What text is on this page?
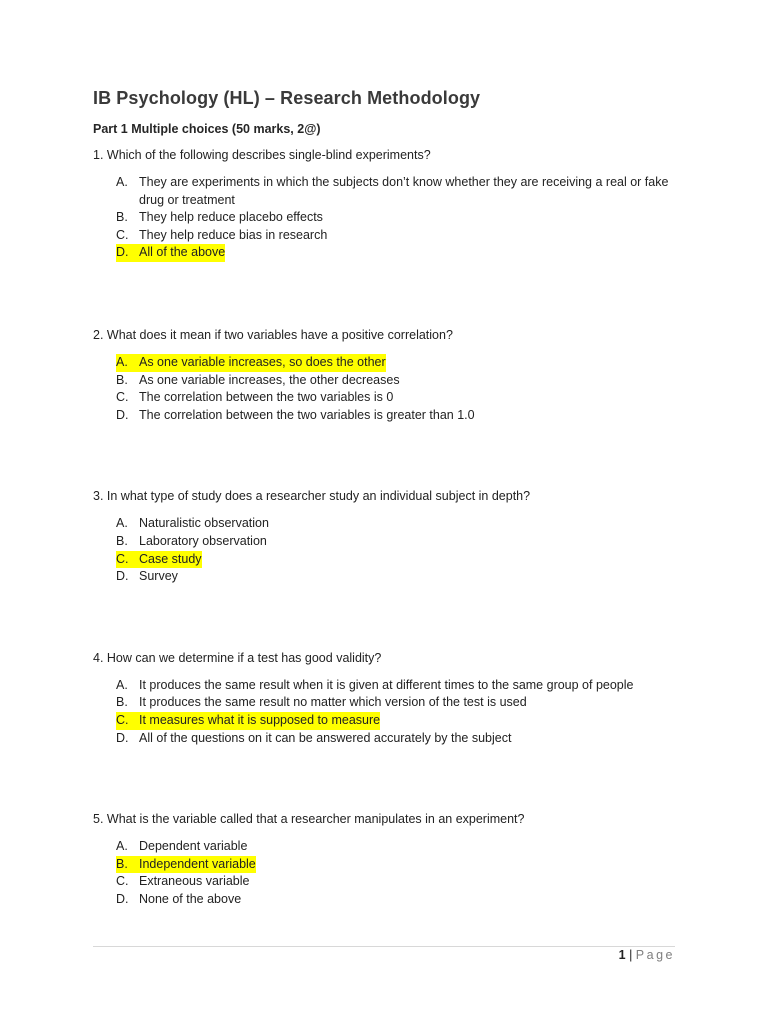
IB Psychology (HL) – Research Methodology
Part 1 Multiple choices (50 marks, 2@)
1. Which of the following describes single-blind experiments?
A. They are experiments in which the subjects don’t know whether they are receiving a real or fake drug or treatment
B. They help reduce placebo effects
C. They help reduce bias in research
D. All of the above
2. What does it mean if two variables have a positive correlation?
A. As one variable increases, so does the other
B. As one variable increases, the other decreases
C. The correlation between the two variables is 0
D. The correlation between the two variables is greater than 1.0
3. In what type of study does a researcher study an individual subject in depth?
A. Naturalistic observation
B. Laboratory observation
C. Case study
D. Survey
4. How can we determine if a test has good validity?
A. It produces the same result when it is given at different times to the same group of people
B. It produces the same result no matter which version of the test is used
C. It measures what it is supposed to measure
D. All of the questions on it can be answered accurately by the subject
5. What is the variable called that a researcher manipulates in an experiment?
A. Dependent variable
B. Independent variable
C. Extraneous variable
D. None of the above
1 | Page
